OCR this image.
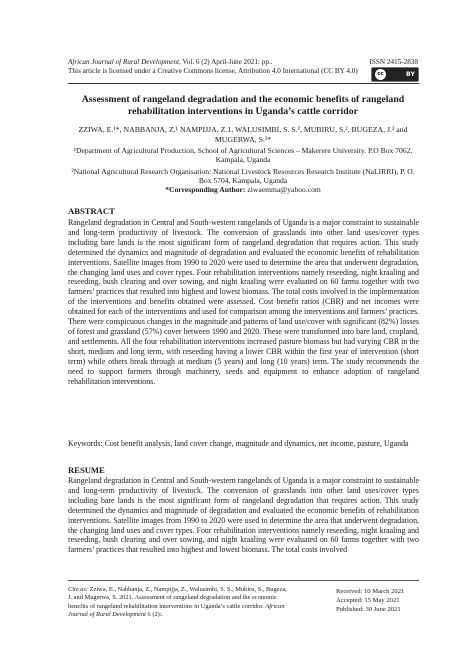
African Journal of Rural Development, Vol. 6 (2) April-June 2021: pp..	ISSN 2415-2838
This article is licensed under a Creative Commons license, Attribution 4.0 International (CC BY 4.0)	cc	BY
Assessment of rangeland degradation and the economic benefits of rangeland rehabilitation interventions in Uganda’s cattle corridor
ZZIWA, E.¹*, NABBANJA, Z.¹ NAMPIJJA, Z.1, WALUSIMBI, S. S.², MUBIRU, S.², BUGEZA, J.² and MUGERWA, S.²*
¹Department of Agricultural Production, School of Agricultural Sciences – Makerere University. P.O Box 7062, Kampala, Uganda
²National Agricultural Research Organisation: National Livestock Resources Research Institute (NaLIRRI), P. O. Box 5704, Kampala, Uganda
*Corresponding Author: ziwaemma@yahoo.com
ABSTRACT

Rangeland degradation in Central and South-western rangelands of Uganda is a major constraint to sustainable and long-term productivity of livestock. The conversion of grasslands into other land uses/cover types including bare lands is the most significant form of rangeland degradation that requires action. This study determined the dynamics and magnitude of degradation and evaluated the economic benefits of rehabilitation interventions. Satellite images from 1990 to 2020 were used to determine the area that underwent degradation, the changing land uses and cover types. Four rehabilitation interventions namely reseeding, night kraaling and reseeding, bush clearing and over sowing, and night kraaling were evaluated on 60 farms together with two farmers’ practices that resulted into highest and lowest biomass. The total costs involved in the implementation of the interventions and benefits obtained were assessed. Cost benefit ratios (CBR) and net incomes were obtained for each of the interventions and used for comparison among the interventions and farmers’ practices. There were conspicuous changes in the magnitude and patterns of land use/cover with significant (82%) losses of forest and grassland (57%) cover between 1990 and 2020. These were transformed into bare land, cropland, and settlements. All the four rehabilitation interventions increased pasture biomass but had varying CBR in the short, medium and long term, with reseeding having a lower CBR within the first year of intervention (short term) while others break through at medium (5 years) and long (10 years) term. The study recommends the need to support farmers through machinery, seeds and equipment to enhance adoption of rangeland rehabilitation interventions.

Keywords: Cost benefit analysis, land cover change, magnitude and dynamics, net income, pasture, Uganda

RESUME

Rangeland degradation in Central and South-western rangelands of Uganda is a major constraint to sustainable and long-term productivity of livestock. The conversion of grasslands into other land uses/cover types including bare lands is the most significant form of rangeland degradation that requires action. This study determined the dynamics and magnitude of degradation and evaluated the economic benefits of rehabilitation interventions. Satellite images from 1990 to 2020 were used to determine the area that underwent degradation, the changing land uses and cover types. Four rehabilitation interventions namely reseeding, night kraaling and reseeding, bush clearing and over sowing, and night kraaling were evaluated on 60 farms together with two farmers’ practices that resulted into highest and lowest biomass. The total costs involved

Cite as: Zziwa, E., Nabbanja, Z., Nampijja, Z., Walusimbi, S. S., Mubiru, S., Bugeza, J. and Mugerwa, S. 2021. Assessment of rangeland degradation and the economic benefits of rangeland rehabilitation interventions in Uganda’s cattle corridor. African Journal of Rural Development 6 (2):.
Received: 10 March 2021
Accepted: 15 May 2021
Published: 30 June 2021
